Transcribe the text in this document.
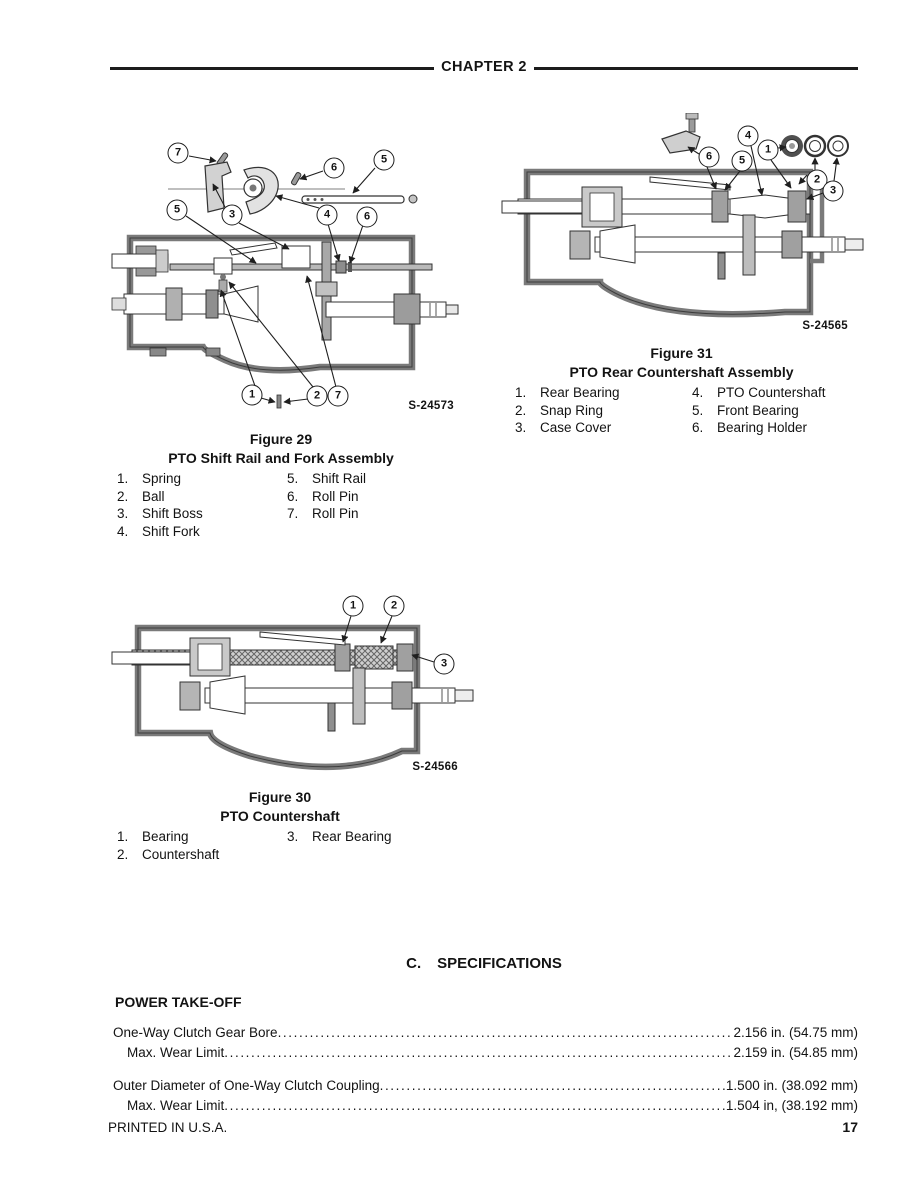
CHAPTER 2
7
6
5
5	3	4	6
1	2	7
S-24573
Figure 29
PTO Shift Rail and Fork Assembly
1.	Spring
2.	Ball
3.	Shift Boss
4.	Shift Fork
5.	Shift Rail
6.	Roll Pin
7.	Roll Pin
4
1
6	5
2
3
S-24565
Figure 31
PTO Rear Countershaft Assembly
1.	Rear Bearing
2.	Snap Ring
3.	Case Cover
4.	PTO Countershaft
5.	Front Bearing
6.	Bearing Holder
1	2
3
S-24566
Figure 30
PTO Countershaft
1.	Bearing
2.	Countershaft
3.	Rear Bearing
C. SPECIFICATIONS
POWER TAKE-OFF
One-Way Clutch Gear Bore .....	2.156 in. (54.75 mm)
Max. Wear Limit .....	2.159 in. (54.85 mm)
Outer Diameter of One-Way Clutch Coupling .....	1.500 in. (38.092 mm)
Max. Wear Limit .....	1.504 in, (38.192 mm)
PRINTED IN U.S.A.	17
